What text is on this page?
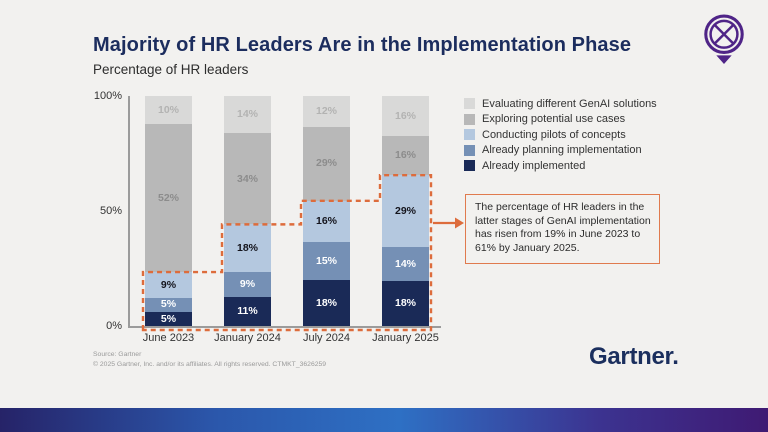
Majority of HR Leaders Are in the Implementation Phase
Percentage of HR leaders
100%
50%
0%
10%
52%
9%
5%
5%
14%
34%
18%
9%
11%
12%
29%
16%
15%
18%
16%
16%
29%
14%
18%
June 2023	January 2024	July 2024	January 2025
Evaluating different GenAI solutions
Exploring potential use cases
Conducting pilots of concepts
Already planning implementation
Already implemented
The percentage of HR leaders in the latter stages of GenAI implementation has risen from 19% in June 2023 to 61% by January 2025.
Source: Gartner
© 2025 Gartner, Inc. and/or its affiliates. All rights reserved. CTMKT_3626259	Gartner.
